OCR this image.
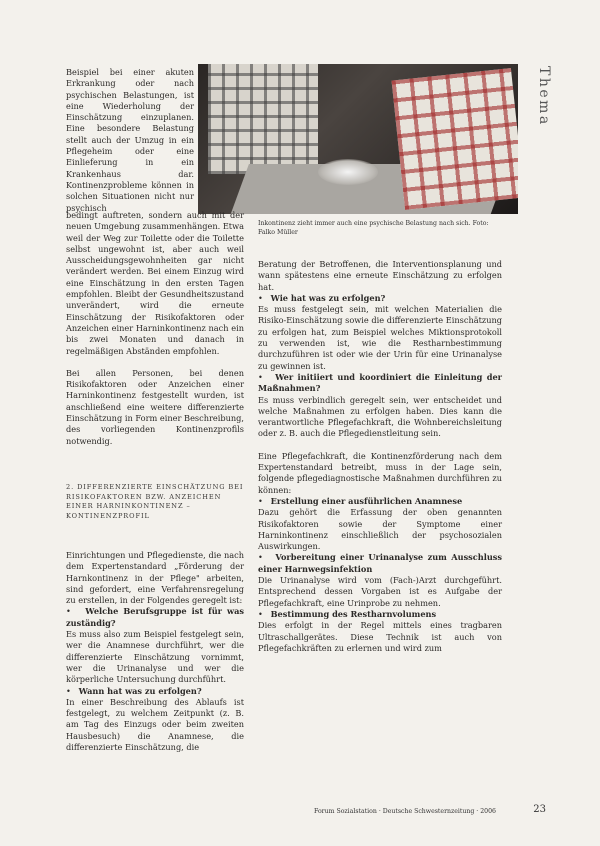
Inkontinenz zieht immer auch eine psychische Belastung nach sich. Foto: Falko Müller
Thema

Beispiel bei einer akuten Erkrankung oder nach psychischen Belastungen, ist eine Wiederholung der Einschätzung einzuplanen. Eine besondere Belastung stellt auch der Umzug in ein Pflegeheim oder eine Einlieferung in ein Krankenhaus dar. Kontinenzprobleme können in solchen Situationen nicht nur psychisch

bedingt auftreten, sondern auch mit der neuen Umgebung zusammenhängen. Etwa weil der Weg zur Toilette oder die Toilette selbst ungewohnt ist, aber auch weil Ausscheidungsgewohnheiten gar nicht verändert werden. Bei einem Einzug wird eine Einschätzung in den ersten Tagen empfohlen. Bleibt der Gesundheitszustand unverändert, wird die erneute Einschätzung der Risikofaktoren oder Anzeichen einer Harninkontinenz nach ein bis zwei Monaten und danach in regelmäßigen Abständen empfohlen.

Bei allen Personen, bei denen Risikofaktoren oder Anzeichen einer Harninkontinenz festgestellt wurden, ist anschließend eine weitere differenzierte Einschätzung in Form einer Beschreibung, des vorliegenden Kontinenzprofils notwendig.

2. DIFFERENZIERTE EINSCHÄTZUNG BEI RISIKOFAKTOREN BZW. ANZEICHEN EINER HARNINKONTINENZ – KONTINENZPROFIL

Einrichtungen und Pflegedienste, die nach dem Expertenstandard „Förderung der Harnkontinenz in der Pflege" arbeiten, sind gefordert, eine Verfahrensregelung zu erstellen, in der Folgendes geregelt ist:

•   Welche Berufsgruppe ist für was zuständig?

Es muss also zum Beispiel festgelegt sein, wer die Anamnese durchführt, wer die differenzierte Einschätzung vornimmt, wer die Urinanalyse und wer die körperliche Untersuchung durchführt.

•   Wann hat was zu erfolgen?

In einer Beschreibung des Ablaufs ist festgelegt, zu welchem Zeitpunkt (z. B. am Tag des Einzugs oder beim zweiten Hausbesuch) die Anamnese, die differenzierte Einschätzung, die

Beratung der Betroffenen, die Interventionsplanung und wann spätestens eine erneute Einschätzung zu erfolgen hat.

•   Wie hat was zu erfolgen?

Es muss festgelegt sein, mit welchen Materialien die Risiko-Einschätzung sowie die differenzierte Einschätzung zu erfolgen hat, zum Beispiel welches Miktionsprotokoll zu verwenden ist, wie die Restharnbestimmung durchzuführen ist oder wie der Urin für eine Urinanalyse zu gewinnen ist.

•   Wer initiiert und koordiniert die Einleitung der Maßnahmen?

Es muss verbindlich geregelt sein, wer entscheidet und welche Maßnahmen zu erfolgen haben. Dies kann die verantwortliche Pflegefachkraft, die Wohnbereichsleitung oder z. B. auch die Pflegedienstleitung sein.

Eine Pflegefachkraft, die Kontinenzförderung nach dem Expertenstandard betreibt, muss in der Lage sein, folgende pflegediagnostische Maßnahmen durchführen zu können:

•   Erstellung einer ausführlichen Anamnese

Dazu gehört die Erfassung der oben genannten Risikofaktoren sowie der Symptome einer Harninkontinenz einschließlich der psychosozialen Auswirkungen.

•   Vorbereitung einer Urinanalyse zum Ausschluss einer Harnwegsinfektion

Die Urinanalyse wird vom (Fach-)Arzt durchgeführt. Entsprechend dessen Vorgaben ist es Aufgabe der Pflegefachkraft, eine Urinprobe zu nehmen.

•   Bestimmung des Restharnvolumens

Dies erfolgt in der Regel mittels eines tragbaren Ultraschallgerätes. Diese Technik ist auch von Pflegefachkräften zu erlernen und wird zum

Forum Sozialstation · Deutsche Schwesternzeitung · 2006	23
